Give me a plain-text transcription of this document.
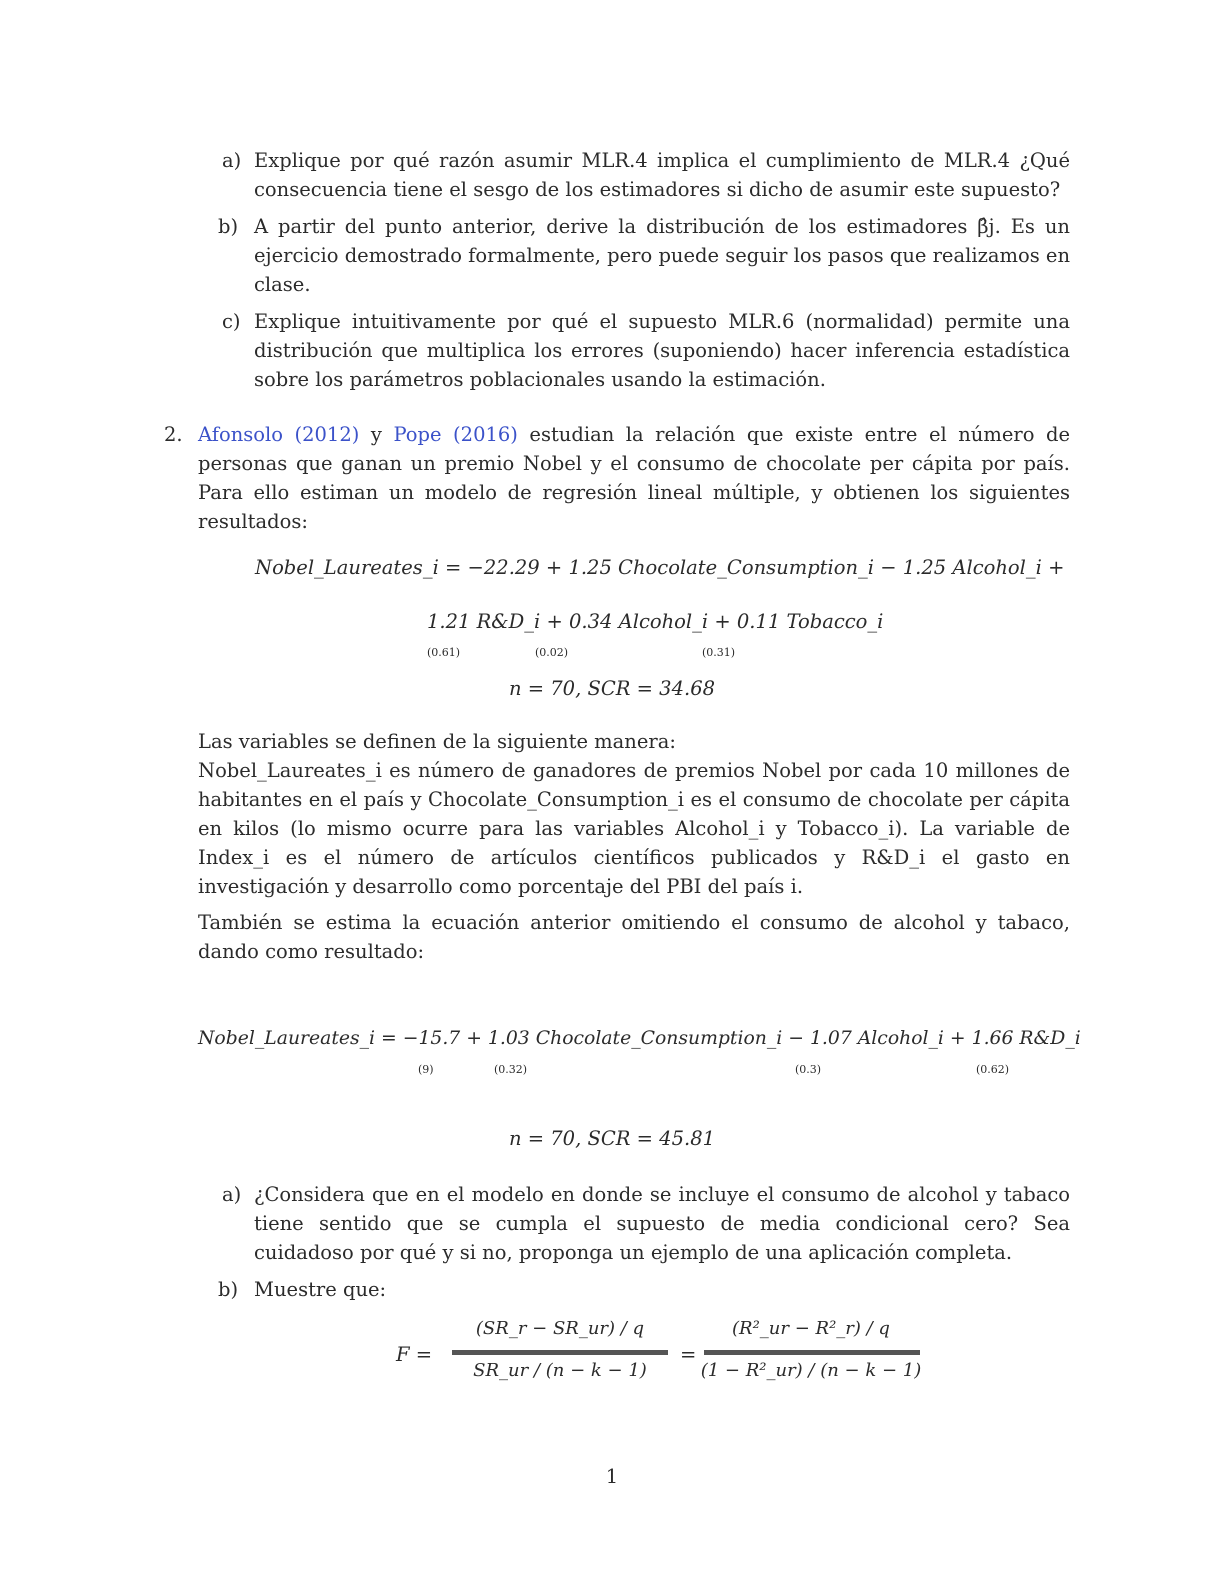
a) Explique por qué razón asumir MLR.4 implica el cumplimiento de MLR.4 ¿Qué consecuencia tiene el sesgo de los estimadores si dicho de asumir este supuesto?
b) A partir del punto anterior, derive la distribución de los estimadores β̂j. Es un ejercicio demostrado formalmente, pero puede seguir los pasos que realizamos en clase.
c) Explique intuitivamente por qué el supuesto MLR.6 (normalidad) permite una distribución que multiplica los errores (suponiendo) hacer inferencia estadística sobre los parámetros poblacionales usando la estimación.
2. Afonsolo (2012) y Pope (2016) estudian la relación que existe entre el número de personas que ganan un premio Nobel y el consumo de chocolate per cápita por país. Para ello estiman un modelo de regresión lineal múltiple, y obtienen los siguientes resultados:
Nobel_Laureates_i = −22.29 + 1.25 Chocolate_Consumption_i − 1.25 Alcohol_i +
1.21 R&D_i + 0.34 Alcohol_i + 0.11 Tobacco_i
(0.61)	(0.02)	(0.31)
n = 70, SCR = 34.68
Las variables se definen de la siguiente manera:
Nobel_Laureates_i es número de ganadores de premios Nobel por cada 10 millones de habitantes en el país y Chocolate_Consumption_i es el consumo de chocolate per cápita en kilos (lo mismo ocurre para las variables Alcohol_i y Tobacco_i). La variable de Index_i es el número de artículos científicos publicados y R&D_i el gasto en investigación y desarrollo como porcentaje del PBI del país i.
También se estima la ecuación anterior omitiendo el consumo de alcohol y tabaco, dando como resultado:
Nobel_Laureates_i = −15.7 + 1.03 Chocolate_Consumption_i − 1.07 Alcohol_i + 1.66 R&D_i
(9)	(0.32)	(0.3)	(0.62)
n = 70, SCR = 45.81
a) ¿Considera que en el modelo en donde se incluye el consumo de alcohol y tabaco tiene sentido que se cumpla el supuesto de media condicional cero? Sea cuidadoso por qué y si no, proponga un ejemplo de una aplicación completa.
b) Muestre que:
F =
(SR_r − SR_ur) / q
SR_ur / (n − k − 1)
=
(R²_ur − R²_r) / q
(1 − R²_ur) / (n − k − 1)
1
